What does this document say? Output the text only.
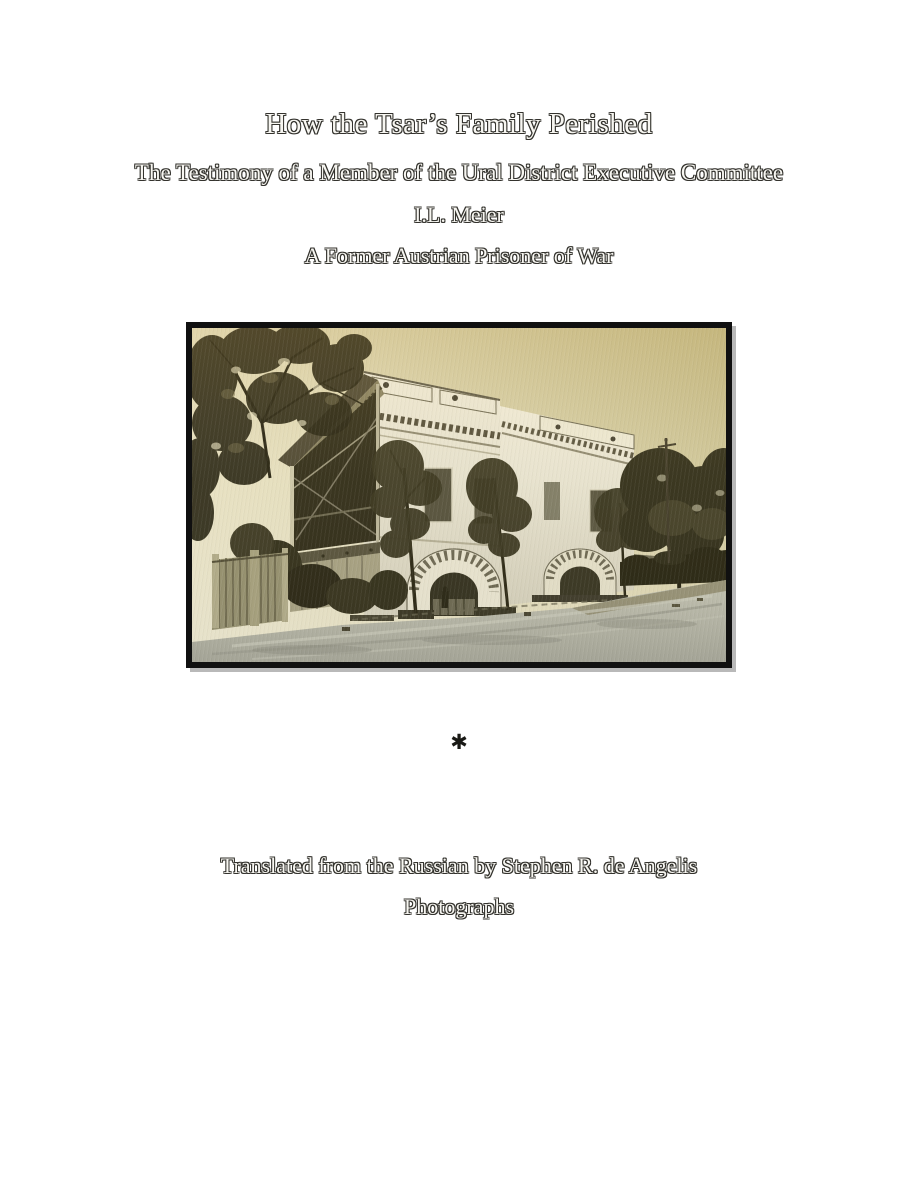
How the Tsar’s Family Perished
The Testimony of a Member of the Ural District Executive Committee
I.L. Meier
A Former Austrian Prisoner of War
✱
Translated from the Russian by Stephen R. de Angelis
Photographs
